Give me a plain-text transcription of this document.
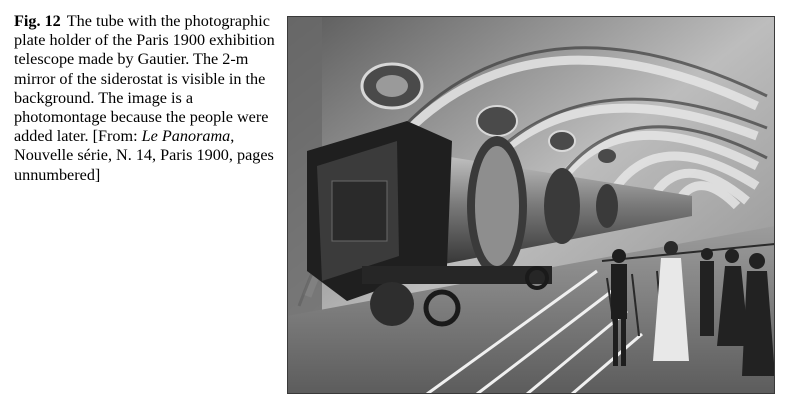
Fig. 12 The tube with the photographic plate holder of the Paris 1900 exhibition telescope made by Gautier. The 2-m mirror of the siderostat is visible in the background. The image is a photomontage because the people were added later. [From: Le Panorama, Nouvelle série, N. 14, Paris 1900, pages unnumbered]
